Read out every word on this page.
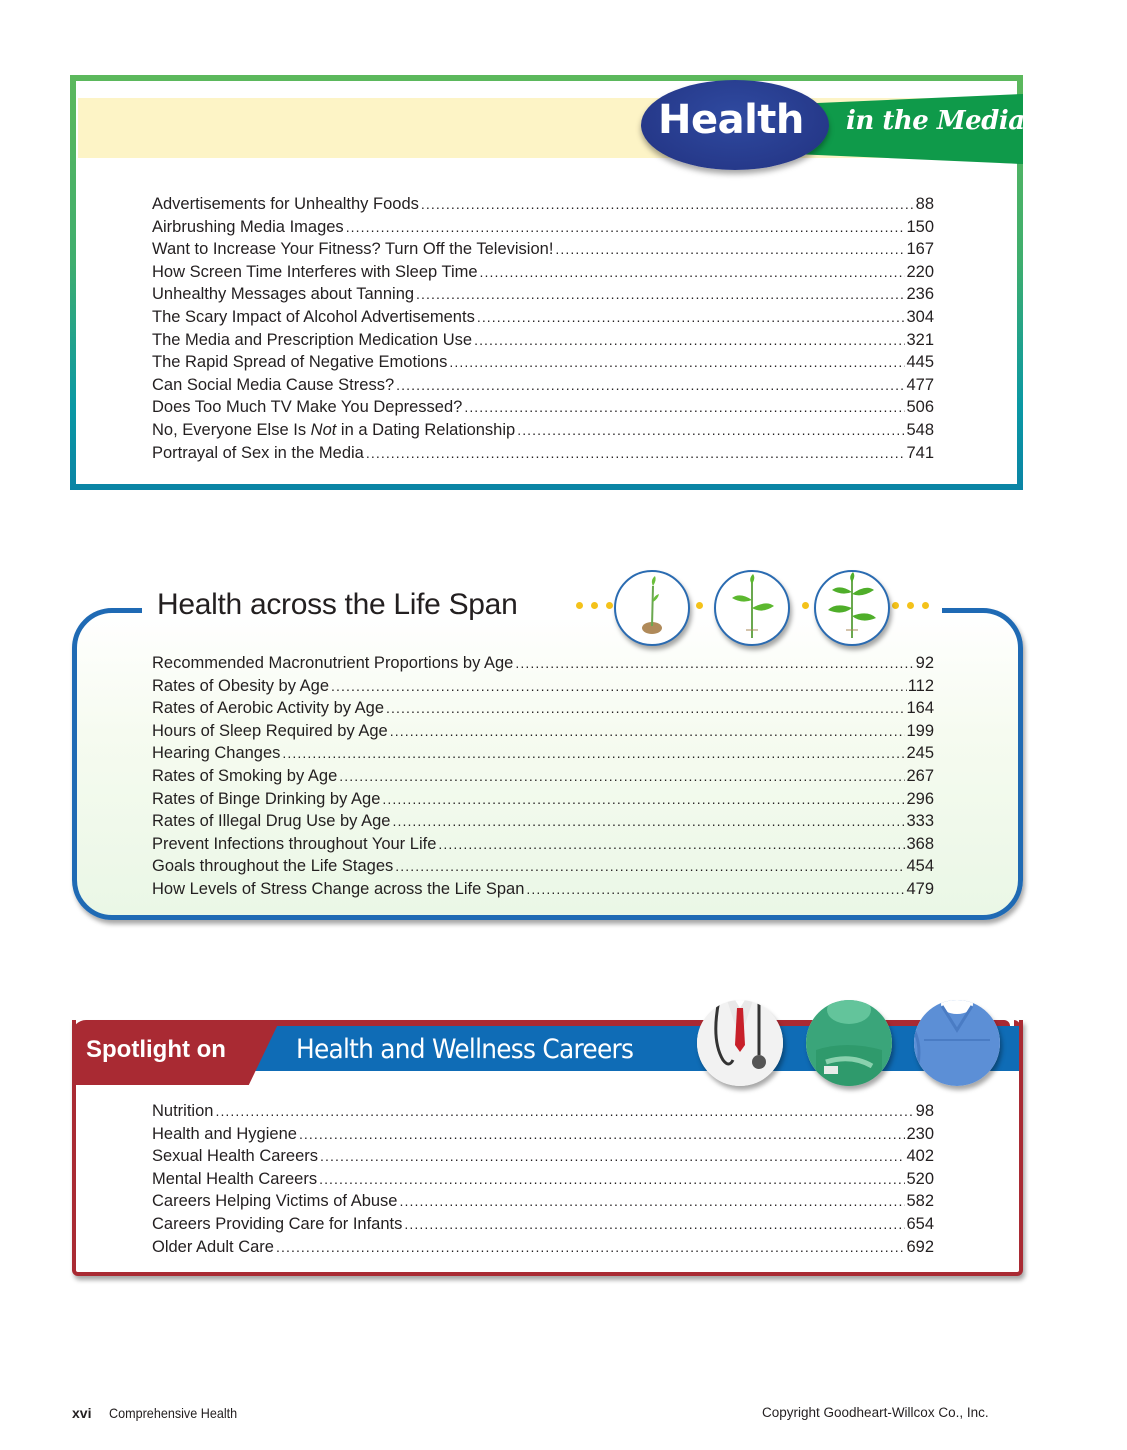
in the Media
Health
Advertisements for Unhealthy Foods .....	88
Airbrushing Media Images .....	150
Want to Increase Your Fitness? Turn Off the Television! .....	167
How Screen Time Interferes with Sleep Time .....	220
Unhealthy Messages about Tanning .....	236
The Scary Impact of Alcohol Advertisements .....	304
The Media and Prescription Medication Use .....	321
The Rapid Spread of Negative Emotions .....	445
Can Social Media Cause Stress? .....	477
Does Too Much TV Make You Depressed? .....	506
No, Everyone Else Is Not in a Dating Relationship .....	548
Portrayal of Sex in the Media .....	741
Health across the Life Span
Recommended Macronutrient Proportions by Age .....	92
Rates of Obesity by Age .....	112
Rates of Aerobic Activity by Age .....	164
Hours of Sleep Required by Age .....	199
Hearing Changes .....	245
Rates of Smoking by Age .....	267
Rates of Binge Drinking by Age .....	296
Rates of Illegal Drug Use by Age .....	333
Prevent Infections throughout Your Life .....	368
Goals throughout the Life Stages .....	454
How Levels of Stress Change across the Life Span .....	479
Spotlight on	Health and Wellness Careers
Nutrition .....	98
Health and Hygiene .....	230
Sexual Health Careers .....	402
Mental Health Careers .....	520
Careers Helping Victims of Abuse .....	582
Careers Providing Care for Infants .....	654
Older Adult Care .....	692
xvi Comprehensive Health	Copyright Goodheart-Willcox Co., Inc.
